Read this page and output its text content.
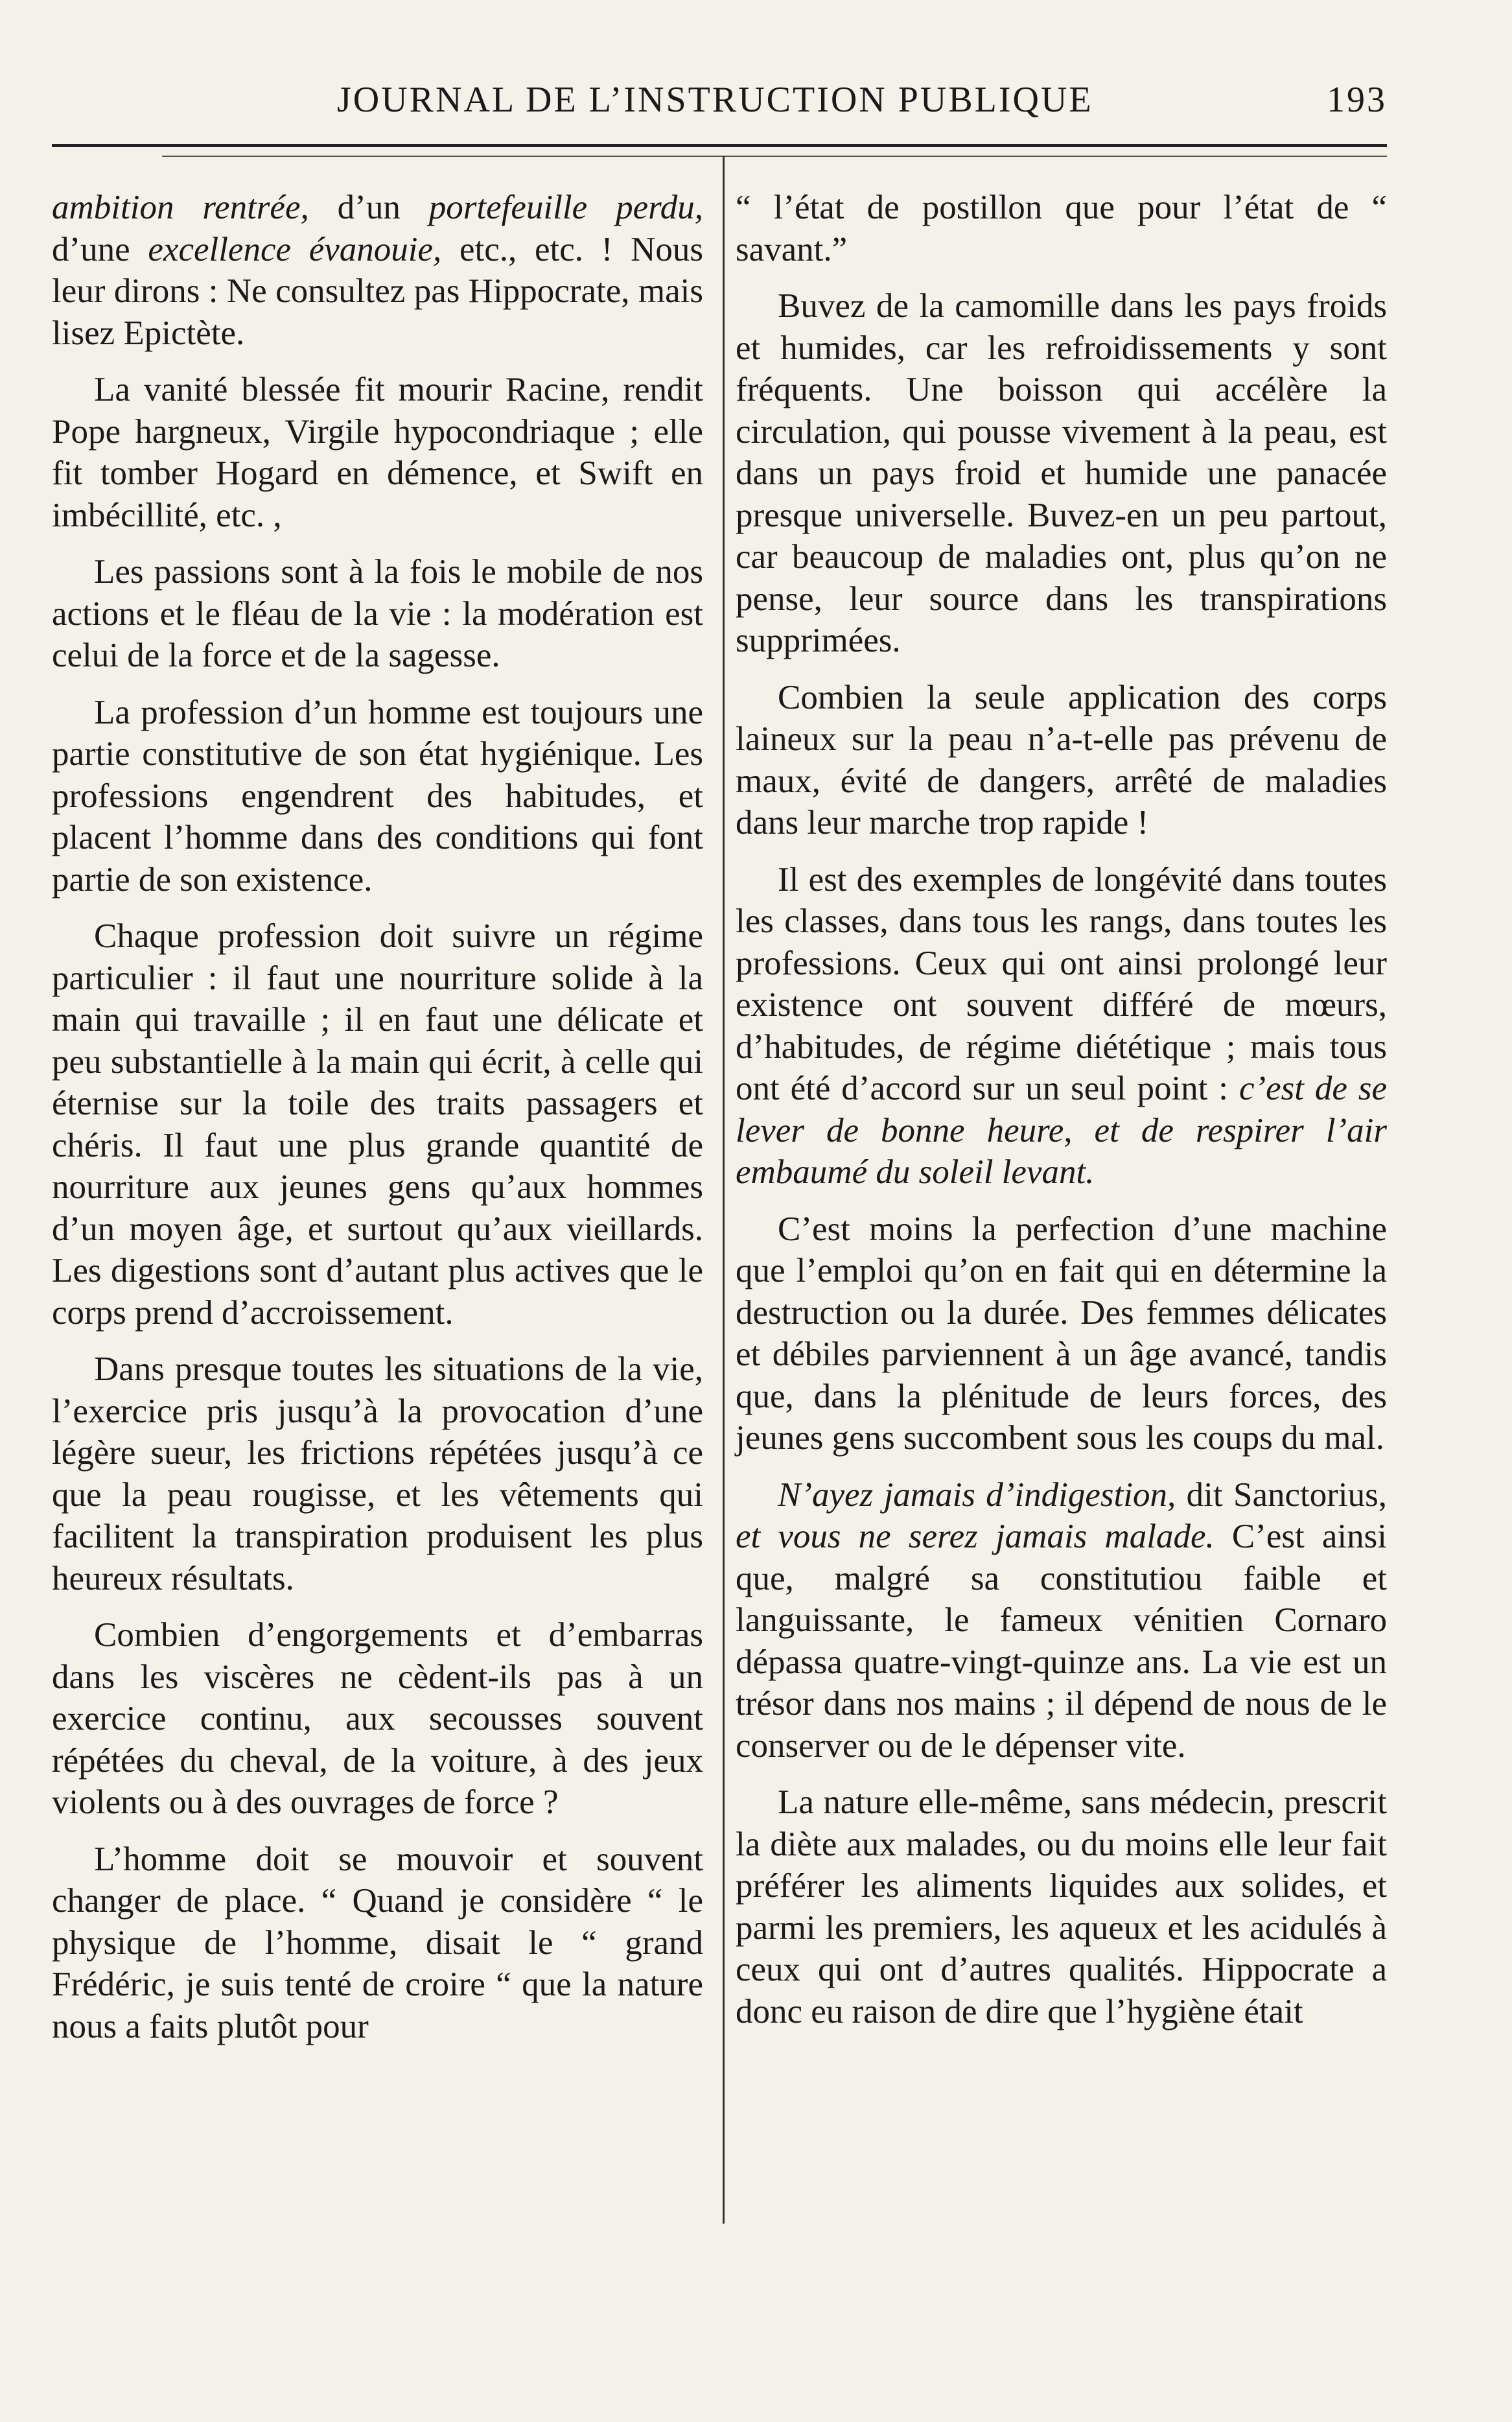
JOURNAL DE L’INSTRUCTION PUBLIQUE	193

ambition rentrée, d’un portefeuille perdu, d’une excellence évanouie, etc., etc. ! Nous leur dirons : Ne consultez pas Hippocrate, mais lisez Epictète.

La vanité blessée fit mourir Racine, rendit Pope hargneux, Virgile hypocondriaque ; elle fit tomber Hogard en démence, et Swift en imbécillité, etc. ,

Les passions sont à la fois le mobile de nos actions et le fléau de la vie : la modération est celui de la force et de la sagesse.

La profession d’un homme est toujours une partie constitutive de son état hygiénique. Les professions engendrent des habitudes, et placent l’homme dans des conditions qui font partie de son existence.

Chaque profession doit suivre un régime particulier : il faut une nourriture solide à la main qui travaille ; il en faut une délicate et peu substantielle à la main qui écrit, à celle qui éternise sur la toile des traits passagers et chéris. Il faut une plus grande quantité de nourriture aux jeunes gens qu’aux hommes d’un moyen âge, et surtout qu’aux vieillards. Les digestions sont d’autant plus actives que le corps prend d’accroissement.

Dans presque toutes les situations de la vie, l’exercice pris jusqu’à la provocation d’une légère sueur, les frictions répétées jusqu’à ce que la peau rougisse, et les vêtements qui facilitent la transpiration produisent les plus heureux résultats.

Combien d’engorgements et d’embarras dans les viscères ne cèdent-ils pas à un exercice continu, aux secousses souvent répétées du cheval, de la voiture, à des jeux violents ou à des ouvrages de force ?

L’homme doit se mouvoir et souvent changer de place. “ Quand je considère “ le physique de l’homme, disait le “ grand Frédéric, je suis tenté de croire “ que la nature nous a faits plutôt pour

“ l’état de postillon que pour l’état de “ savant.”

Buvez de la camomille dans les pays froids et humides, car les refroidissements y sont fréquents. Une boisson qui accélère la circulation, qui pousse vivement à la peau, est dans un pays froid et humide une panacée presque universelle. Buvez-en un peu partout, car beaucoup de maladies ont, plus qu’on ne pense, leur source dans les transpirations supprimées.

Combien la seule application des corps laineux sur la peau n’a-t-elle pas prévenu de maux, évité de dangers, arrêté de maladies dans leur marche trop rapide !

Il est des exemples de longévité dans toutes les classes, dans tous les rangs, dans toutes les professions. Ceux qui ont ainsi prolongé leur existence ont souvent différé de mœurs, d’habitudes, de régime diététique ; mais tous ont été d’accord sur un seul point : c’est de se lever de bonne heure, et de respirer l’air embaumé du soleil levant.

C’est moins la perfection d’une machine que l’emploi qu’on en fait qui en détermine la destruction ou la durée. Des femmes délicates et débiles parviennent à un âge avancé, tandis que, dans la plénitude de leurs forces, des jeunes gens succombent sous les coups du mal.

N’ayez jamais d’indigestion, dit Sanctorius, et vous ne serez jamais malade. C’est ainsi que, malgré sa constitutiou faible et languissante, le fameux vénitien Cornaro dépassa quatre-vingt-quinze ans. La vie est un trésor dans nos mains ; il dépend de nous de le conserver ou de le dépenser vite.

La nature elle-même, sans médecin, prescrit la diète aux malades, ou du moins elle leur fait préférer les aliments liquides aux solides, et parmi les premiers, les aqueux et les acidulés à ceux qui ont d’autres qualités. Hippocrate a donc eu raison de dire que l’hygiène était
